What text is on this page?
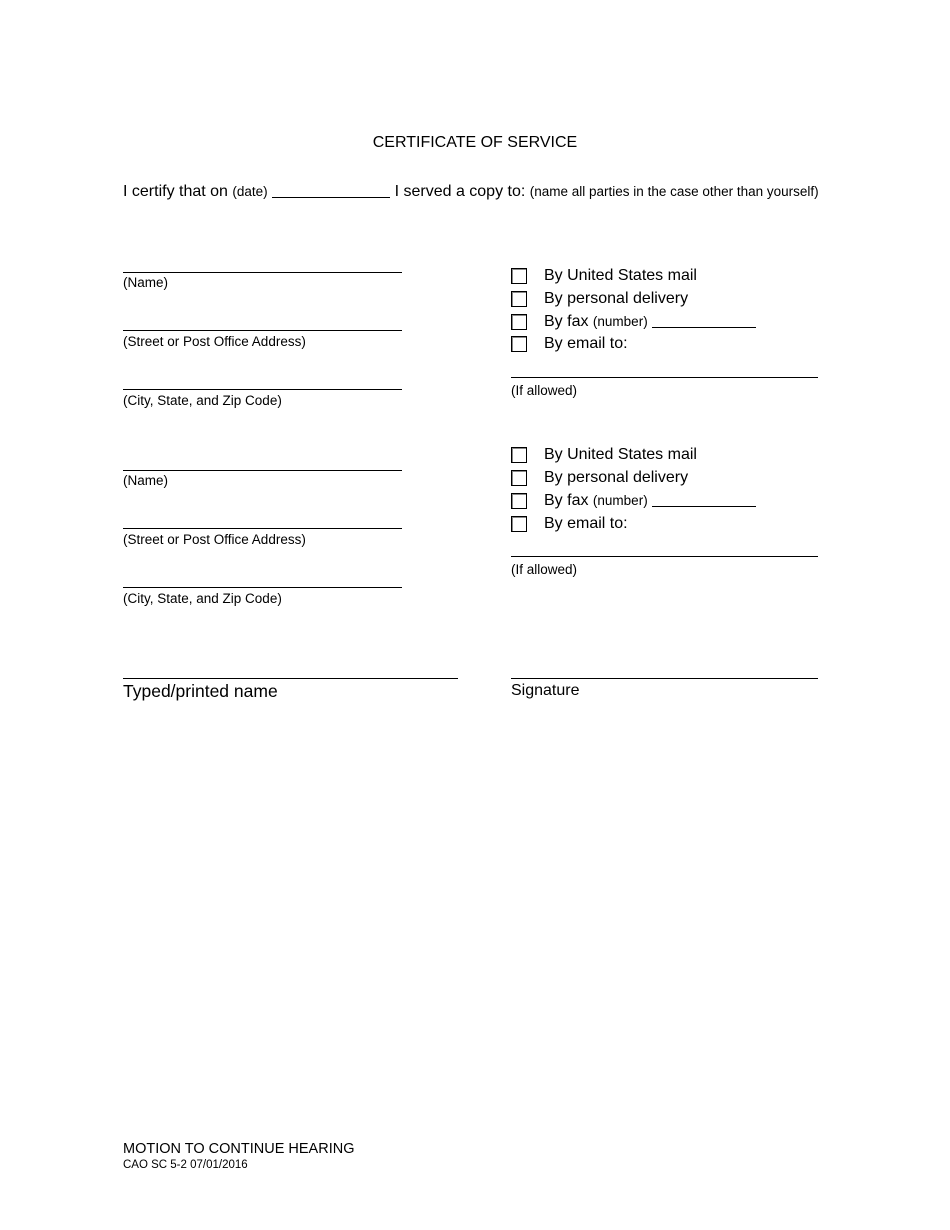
CERTIFICATE OF SERVICE
I certify that on (date)	I served a copy to: (name all parties in the case other than yourself)
(Name)
(Street or Post Office Address)
(City, State, and Zip Code)
By United States mail
By personal delivery
By fax (number)
By email to:
(If allowed)
(Name)
(Street or Post Office Address)
(City, State, and Zip Code)
By United States mail
By personal delivery
By fax (number)
By email to:
(If allowed)
Typed/printed name	Signature
MOTION TO CONTINUE HEARING
CAO SC 5-2 07/01/2016
